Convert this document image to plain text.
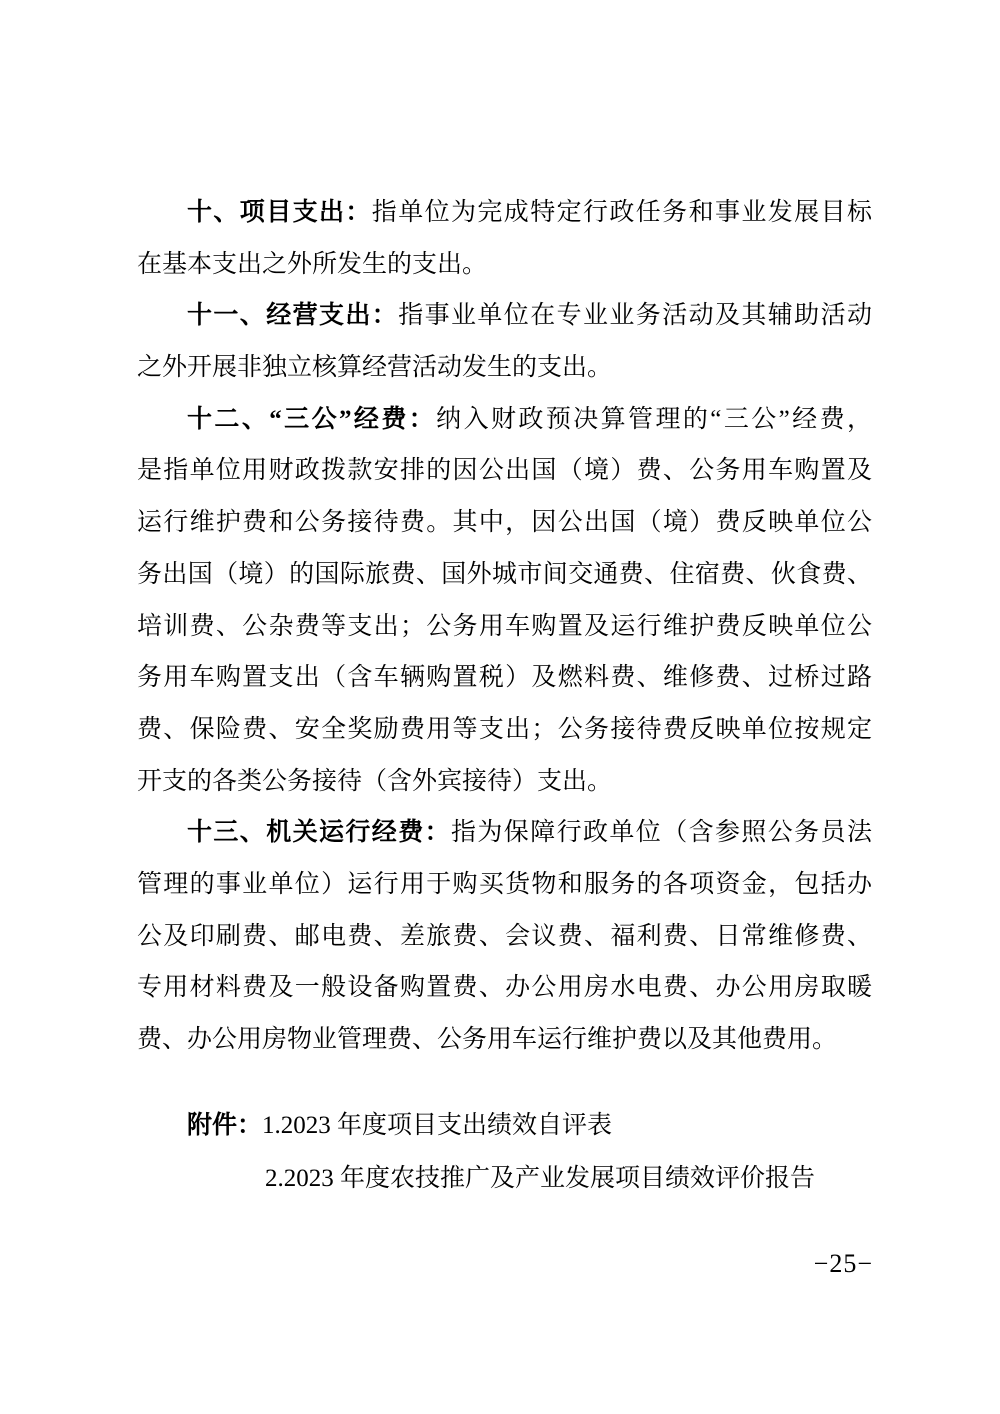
十、项目支出：指单位为完成特定行政任务和事业发展目标
在基本支出之外所发生的支出。
十一、经营支出：指事业单位在专业业务活动及其辅助活动
之外开展非独立核算经营活动发生的支出。
十二、“三公”经费：纳入财政预决算管理的“三公”经费，
是指单位用财政拨款安排的因公出国（境）费、公务用车购置及
运行维护费和公务接待费。其中，因公出国（境）费反映单位公
务出国（境）的国际旅费、国外城市间交通费、住宿费、伙食费、
培训费、公杂费等支出；公务用车购置及运行维护费反映单位公
务用车购置支出（含车辆购置税）及燃料费、维修费、过桥过路
费、保险费、安全奖励费用等支出；公务接待费反映单位按规定
开支的各类公务接待（含外宾接待）支出。
十三、机关运行经费：指为保障行政单位（含参照公务员法
管理的事业单位）运行用于购买货物和服务的各项资金，包括办
公及印刷费、邮电费、差旅费、会议费、福利费、日常维修费、
专用材料费及一般设备购置费、办公用房水电费、办公用房取暖
费、办公用房物业管理费、公务用车运行维护费以及其他费用。
附件：1.2023 年度项目支出绩效自评表
2.2023 年度农技推广及产业发展项目绩效评价报告
−25−
